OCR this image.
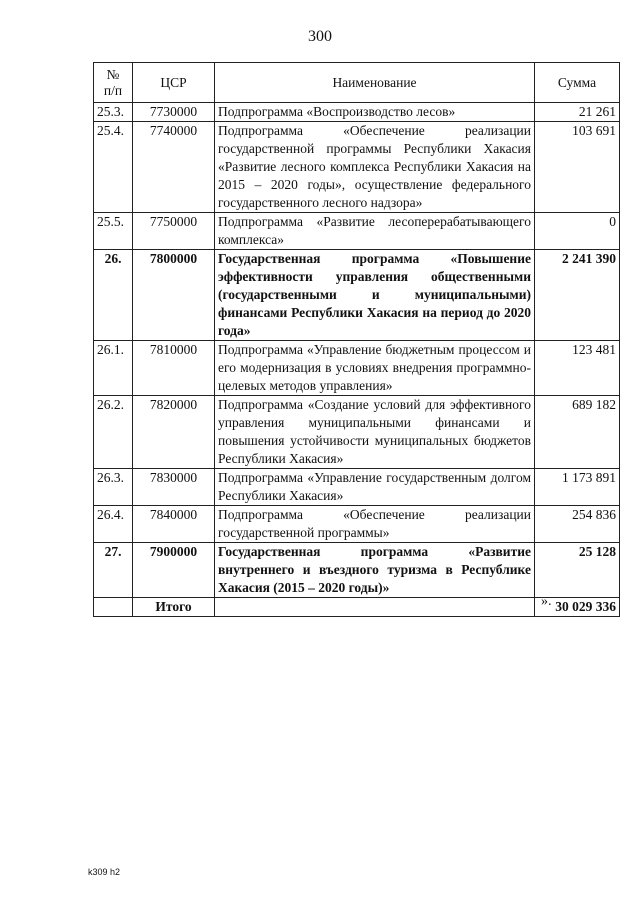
300
№
п/п	ЦСР	Наименование	Сумма
25.3.	7730000	Подпрограмма «Воспроизводство лесов»	21 261
25.4.	7740000	Подпрограмма «Обеспечение реализации государственной программы Республики Хакасия «Развитие лесного комплекса Республики Хакасия на 2015 – 2020 годы», осуществление федерального государственного лесного надзора»	103 691
25.5.	7750000	Подпрограмма «Развитие лесоперерабатывающего комплекса»	0
26.	7800000	Государственная программа «Повышение эффективности управления общественными (государственными и муниципальными) финансами Республики Хакасия на период до 2020 года»	2 241 390
26.1.	7810000	Подпрограмма «Управление бюджетным процессом и его модернизация в условиях внедрения программно-целевых методов управления»	123 481
26.2.	7820000	Подпрограмма «Создание условий для эффективного управления муниципальными финансами и повышения устойчивости муниципальных бюджетов Республики Хакасия»	689 182
26.3.	7830000	Подпрограмма «Управление государственным долгом Республики Хакасия»	1 173 891
26.4.	7840000	Подпрограмма «Обеспечение реализации государственной программы»	254 836
27.	7900000	Государственная программа «Развитие внутреннего и въездного туризма в Республике Хакасия (2015 – 2020 годы)»	25 128
	Итого		30 029 336
».
k309 h2
